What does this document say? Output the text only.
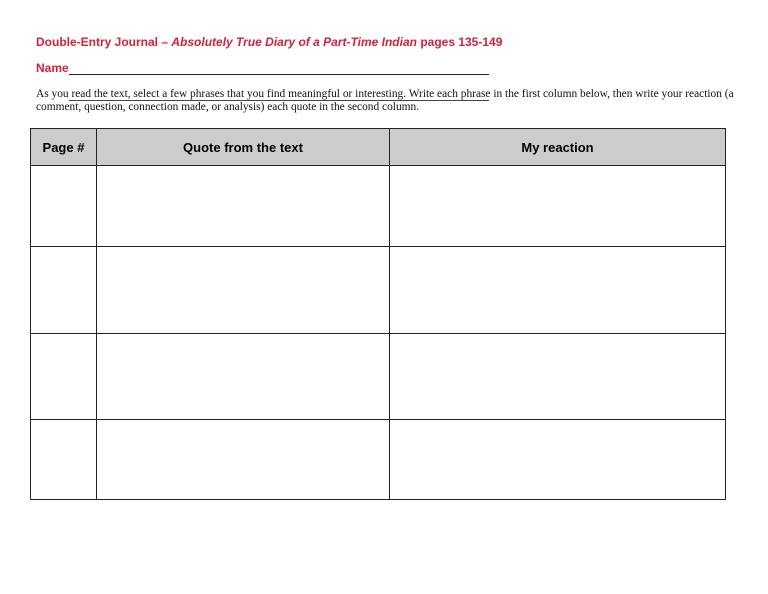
Double-Entry Journal – Absolutely True Diary of a Part-Time Indian pages 135-149
Name
As you read the text, select a few phrases that you find meaningful or interesting. Write each phrase in the first column below, then write your reaction (a comment, question, connection made, or analysis) each quote in the second column.
Page #	Quote from the text	My reaction
